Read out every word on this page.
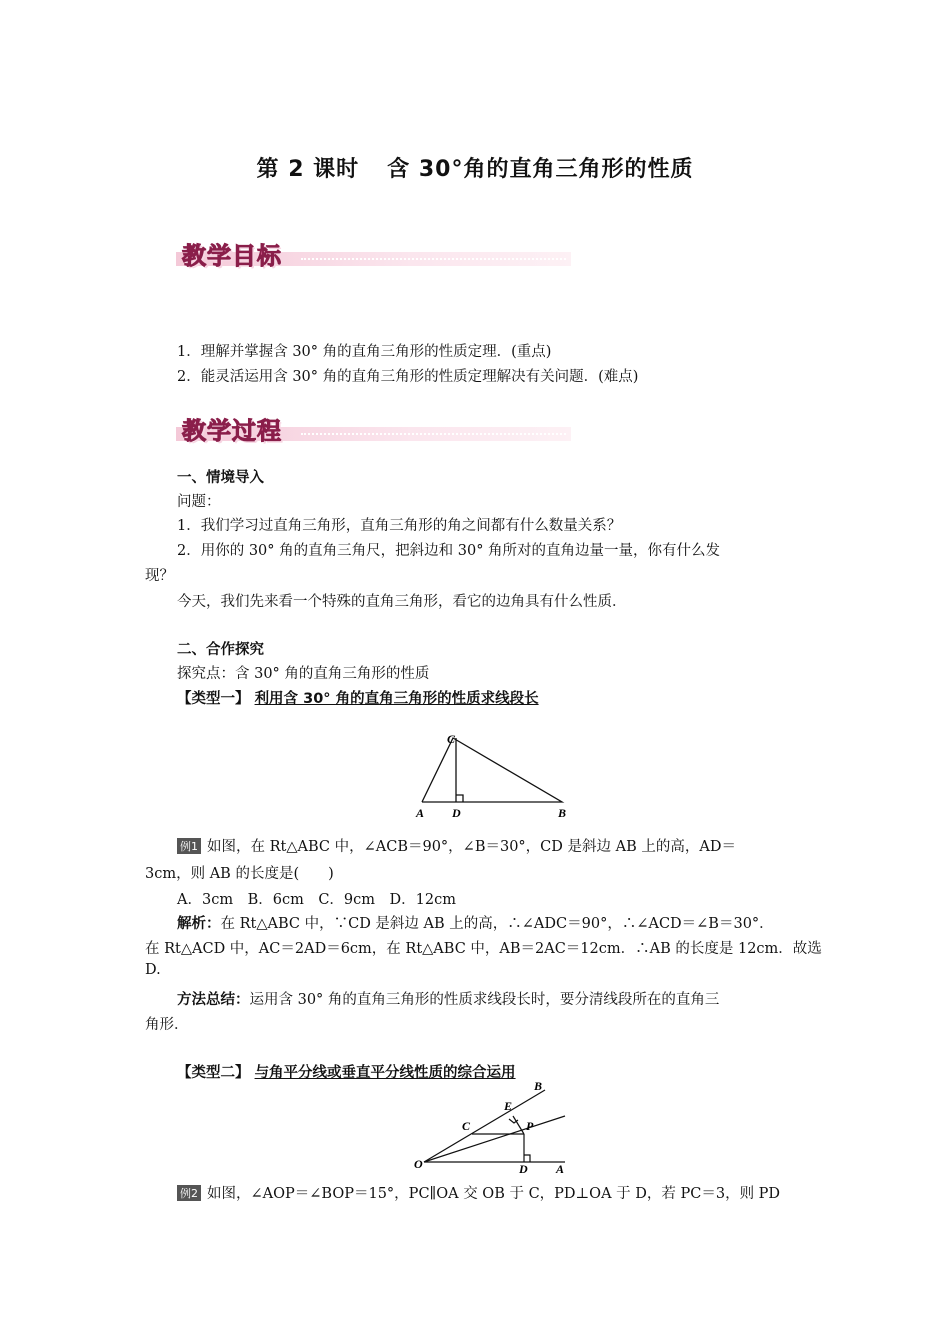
第 2 课时 含 30°角的直角三角形的性质
教学目标
1．理解并掌握含 30° 角的直角三角形的性质定理．(重点)
2．能灵活运用含 30° 角的直角三角形的性质定理解决有关问题．(难点)
教学过程
一、情境导入
问题：
1．我们学习过直角三角形，直角三角形的角之间都有什么数量关系？
2．用你的 30° 角的直角三角尺，把斜边和 30° 角所对的直角边量一量，你有什么发
现？
今天，我们先来看一个特殊的直角三角形，看它的边角具有什么性质．
二、合作探究
探究点：含 30° 角的直角三角形的性质
【类型一】 利用含 30° 角的直角三角形的性质求线段长
C
A D	B
例1 如图，在 Rt△ABC 中，∠ACB＝90°，∠B＝30°，CD 是斜边 AB 上的高，AD＝
3cm，则 AB 的长度是(　　)
A．3cm　B．6cm　C．9cm　D．12cm
解析：在 Rt△ABC 中，∵CD 是斜边 AB 上的高，∴∠ADC＝90°，∴∠ACD＝∠B＝30°．
在 Rt△ACD 中，AC＝2AD＝6cm，在 Rt△ABC 中，AB＝2AC＝12cm．∴AB 的长度是 12cm．故选
D.
方法总结：运用含 30° 角的直角三角形的性质求线段长时，要分清线段所在的直角三
角形．
【类型二】 与角平分线或垂直平分线性质的综合运用
B
E
C	P
O	D A
例2 如图，∠AOP＝∠BOP＝15°，PC∥OA 交 OB 于 C，PD⊥OA 于 D，若 PC＝3，则 PD
